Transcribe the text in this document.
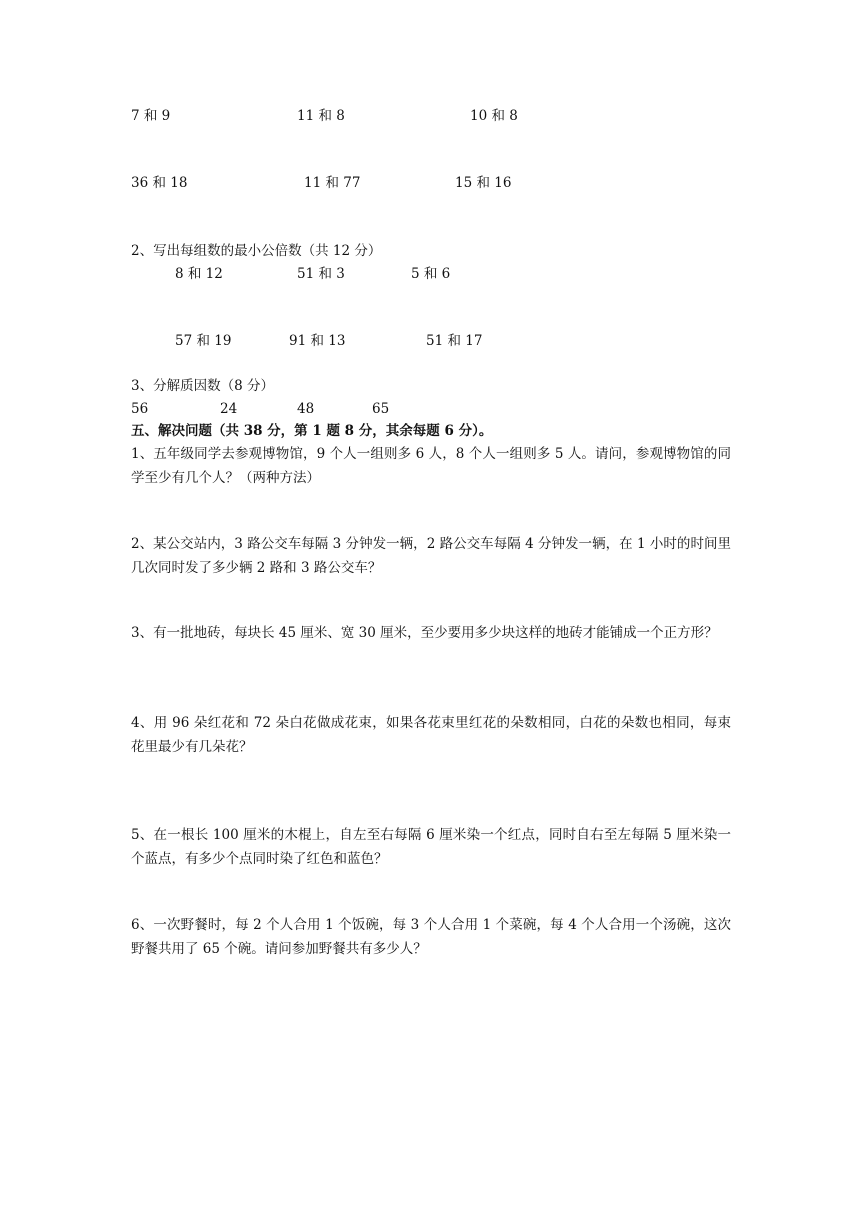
7 和 9	11 和 8	10 和 8
36 和 18	11 和 77	15 和 16
2、写出每组数的最小公倍数（共 12 分）
8 和 12	51 和 3	5 和 6
57 和 19	91 和 13	51 和 17
3、分解质因数（8 分）
56	24	48	65
五、解决问题（共 38 分，第 1 题 8 分，其余每题 6 分）。
1、五年级同学去参观博物馆，9 个人一组则多 6 人，8 个人一组则多 5 人。请问，参观博物馆的同学至少有几个人？（两种方法）
2、某公交站内，3 路公交车每隔 3 分钟发一辆，2 路公交车每隔 4 分钟发一辆，在 1 小时的时间里几次同时发了多少辆 2 路和 3 路公交车？
3、有一批地砖，每块长 45 厘米、宽 30 厘米，至少要用多少块这样的地砖才能铺成一个正方形？
4、用 96 朵红花和 72 朵白花做成花束，如果各花束里红花的朵数相同，白花的朵数也相同，每束花里最少有几朵花？
5、在一根长 100 厘米的木棍上，自左至右每隔 6 厘米染一个红点，同时自右至左每隔 5 厘米染一个蓝点，有多少个点同时染了红色和蓝色？
6、一次野餐时，每 2 个人合用 1 个饭碗，每 3 个人合用 1 个菜碗，每 4 个人合用一个汤碗，这次野餐共用了 65 个碗。请问参加野餐共有多少人？
